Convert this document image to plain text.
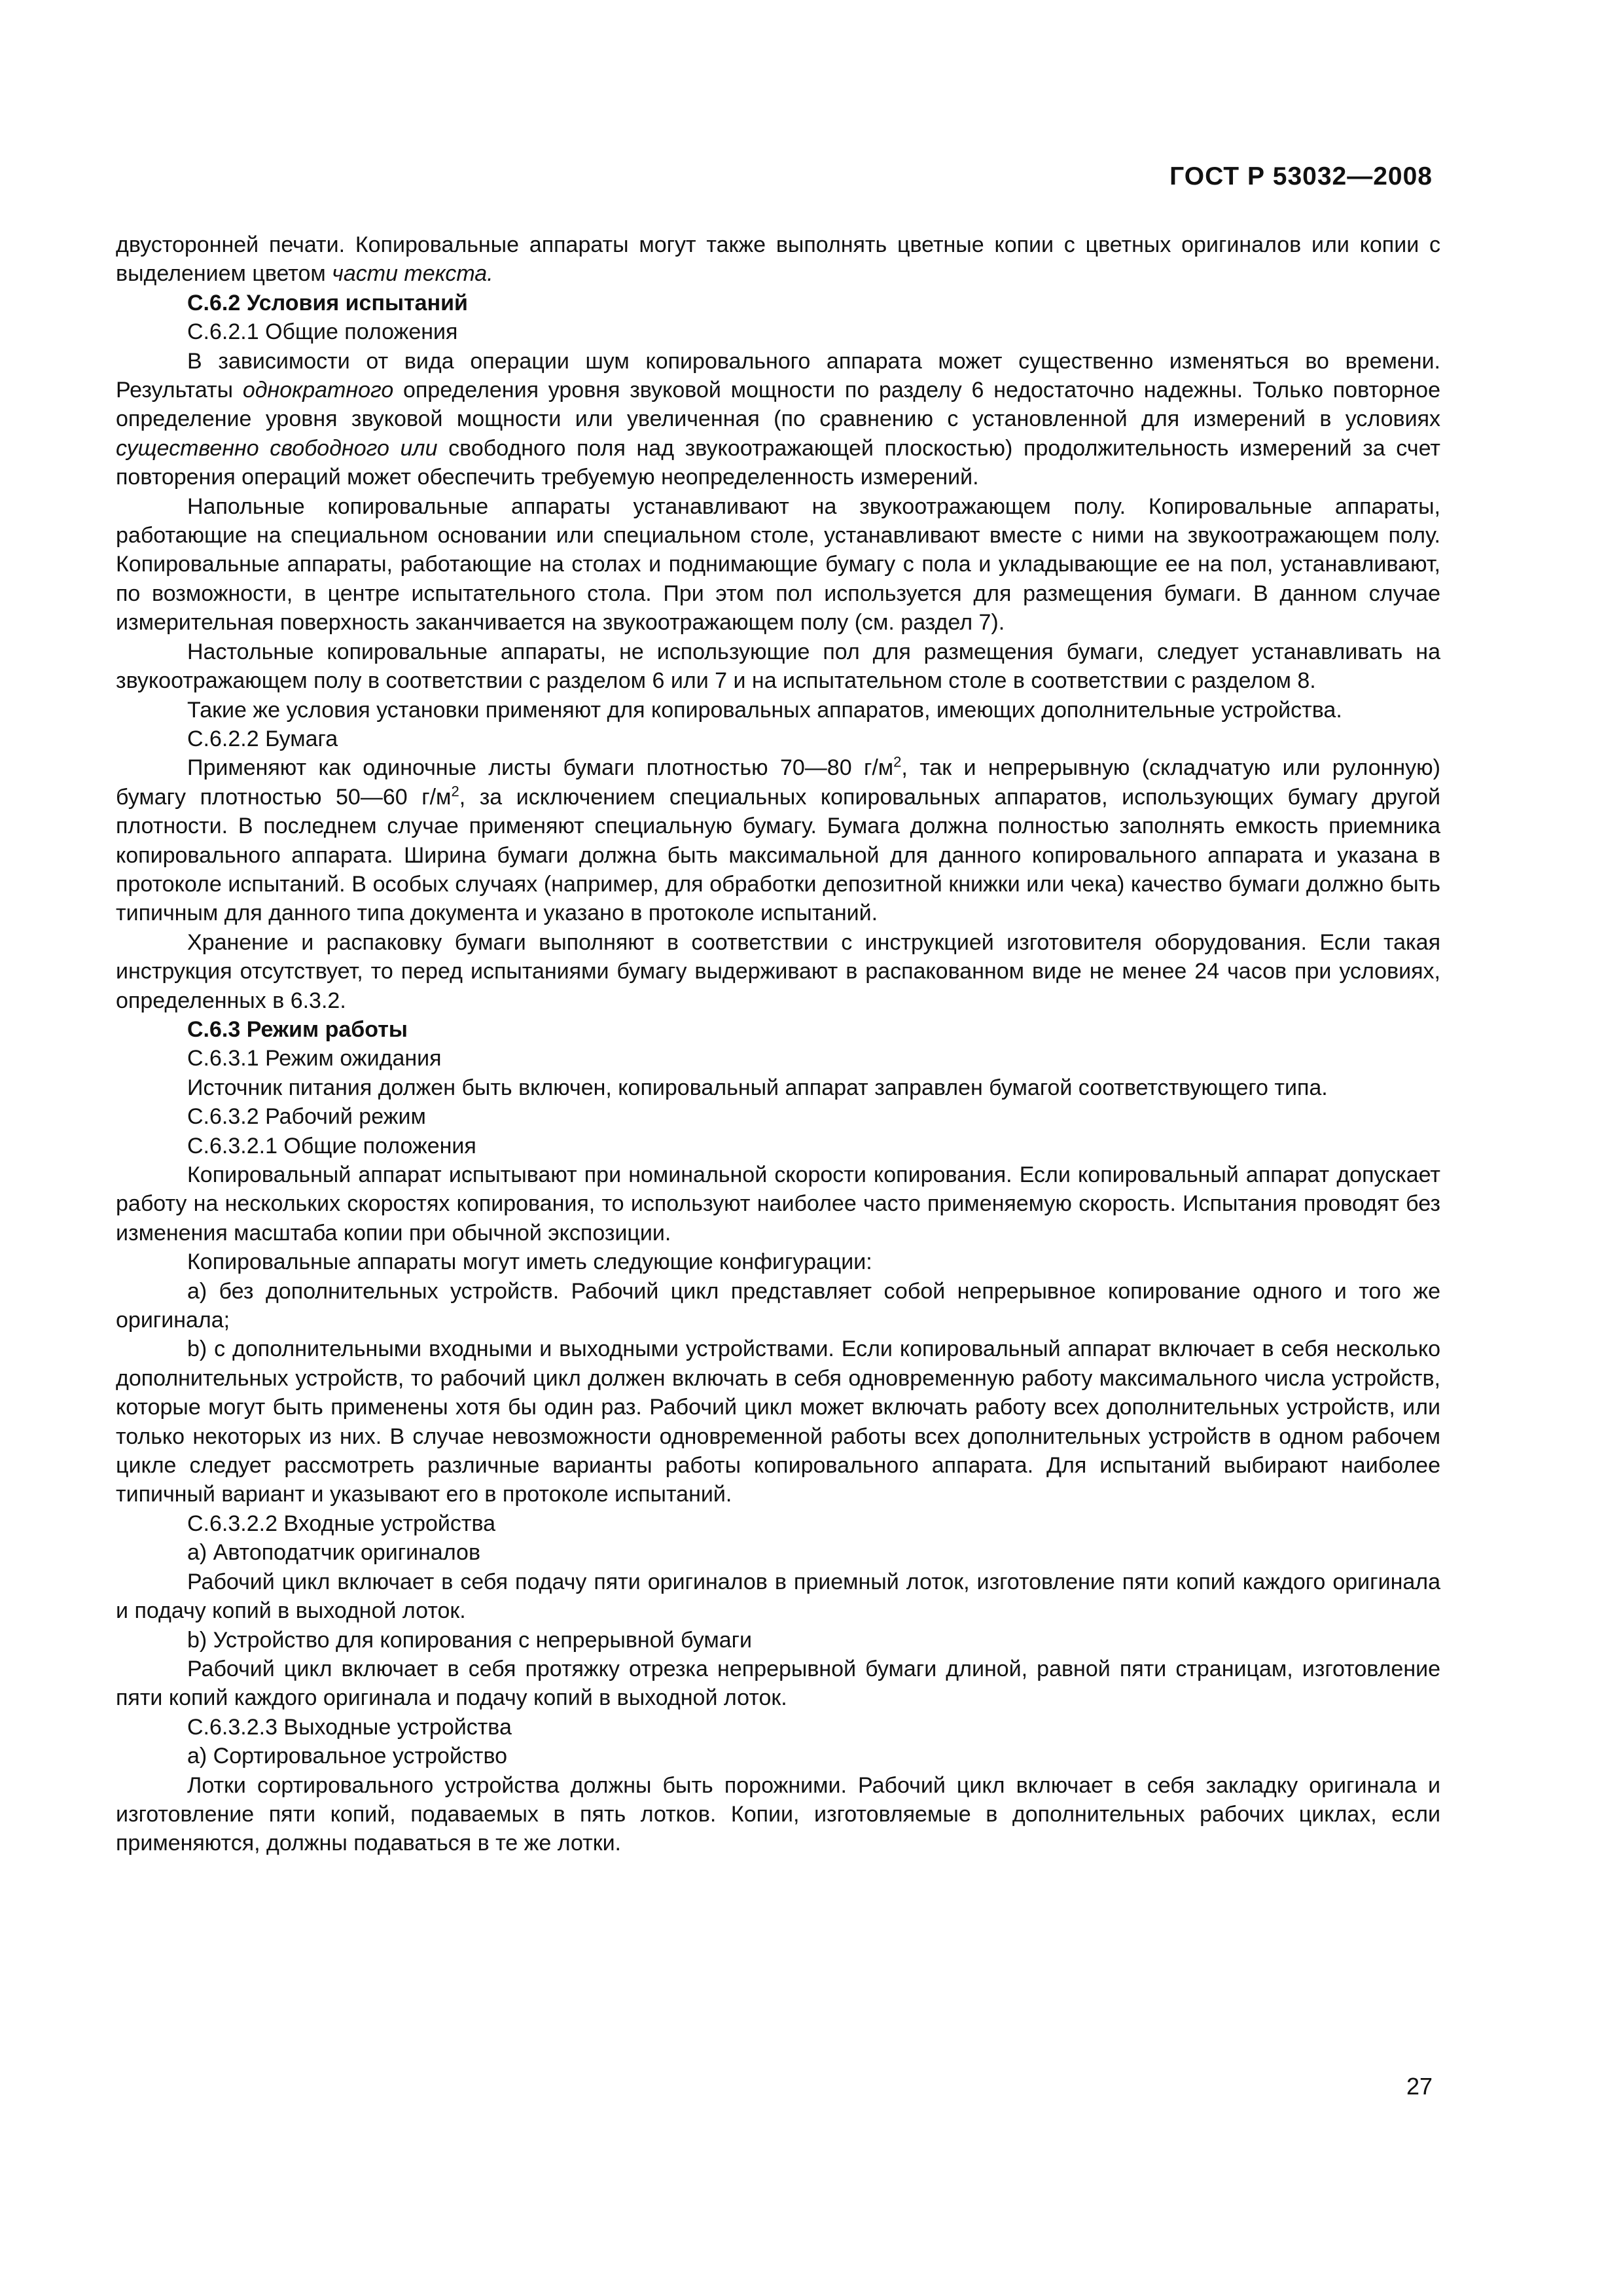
ГОСТ Р 53032—2008

двусторонней печати. Копировальные аппараты могут также выполнять цветные копии с цветных оригиналов или копии с выделением цветом части текста.

С.6.2 Условия испытаний

С.6.2.1 Общие положения

В зависимости от вида операции шум копировального аппарата может существенно изменяться во времени. Результаты однократного определения уровня звуковой мощности по разделу 6 недостаточно надежны. Только повторное определение уровня звуковой мощности или увеличенная (по сравнению с установленной для измерений в условиях существенно свободного или свободного поля над звукоотражающей плоскостью) продолжительность измерений за счет повторения операций может обеспечить требуемую неопределенность измерений.

Напольные копировальные аппараты устанавливают на звукоотражающем полу. Копировальные аппараты, работающие на специальном основании или специальном столе, устанавливают вместе с ними на звукоотражающем полу. Копировальные аппараты, работающие на столах и поднимающие бумагу с пола и укладывающие ее на пол, устанавливают, по возможности, в центре испытательного стола. При этом пол используется для размещения бумаги. В данном случае измерительная поверхность заканчивается на звукоотражающем полу (см. раздел 7).

Настольные копировальные аппараты, не использующие пол для размещения бумаги, следует устанавливать на звукоотражающем полу в соответствии с разделом 6 или 7 и на испытательном столе в соответствии с разделом 8.

Такие же условия установки применяют для копировальных аппаратов, имеющих дополнительные устройства.

С.6.2.2 Бумага

Применяют как одиночные листы бумаги плотностью 70—80 $г/м^2$, так и непрерывную (складчатую или рулонную) бумагу плотностью 50—60 $г/м^2$, за исключением специальных копировальных аппаратов, использующих бумагу другой плотности. В последнем случае применяют специальную бумагу. Бумага должна полностью заполнять емкость приемника копировального аппарата. Ширина бумаги должна быть максимальной для данного копировального аппарата и указана в протоколе испытаний. В особых случаях (например, для обработки депозитной книжки или чека) качество бумаги должно быть типичным для данного типа документа и указано в протоколе испытаний.

Хранение и распаковку бумаги выполняют в соответствии с инструкцией изготовителя оборудования. Если такая инструкция отсутствует, то перед испытаниями бумагу выдерживают в распакованном виде не менее 24 часов при условиях, определенных в 6.3.2.

С.6.3 Режим работы

С.6.3.1 Режим ожидания

Источник питания должен быть включен, копировальный аппарат заправлен бумагой соответствующего типа.

С.6.3.2 Рабочий режим

С.6.3.2.1 Общие положения

Копировальный аппарат испытывают при номинальной скорости копирования. Если копировальный аппарат допускает работу на нескольких скоростях копирования, то используют наиболее часто применяемую скорость. Испытания проводят без изменения масштаба копии при обычной экспозиции.

Копировальные аппараты могут иметь следующие конфигурации:

а) без дополнительных устройств. Рабочий цикл представляет собой непрерывное копирование одного и того же оригинала;

b) с дополнительными входными и выходными устройствами. Если копировальный аппарат включает в себя несколько дополнительных устройств, то рабочий цикл должен включать в себя одновременную работу максимального числа устройств, которые могут быть применены хотя бы один раз. Рабочий цикл может включать работу всех дополнительных устройств, или только некоторых из них. В случае невозможности одновременной работы всех дополнительных устройств в одном рабочем цикле следует рассмотреть различные варианты работы копировального аппарата. Для испытаний выбирают наиболее типичный вариант и указывают его в протоколе испытаний.

С.6.3.2.2 Входные устройства

а) Автоподатчик оригиналов

Рабочий цикл включает в себя подачу пяти оригиналов в приемный лоток, изготовление пяти копий каждого оригинала и подачу копий в выходной лоток.

b) Устройство для копирования с непрерывной бумаги

Рабочий цикл включает в себя протяжку отрезка непрерывной бумаги длиной, равной пяти страницам, изготовление пяти копий каждого оригинала и подачу копий в выходной лоток.

С.6.3.2.3 Выходные устройства

а) Сортировальное устройство

Лотки сортировального устройства должны быть порожними. Рабочий цикл включает в себя закладку оригинала и изготовление пяти копий, подаваемых в пять лотков. Копии, изготовляемые в дополнительных рабочих циклах, если применяются, должны подаваться в те же лотки.

27
